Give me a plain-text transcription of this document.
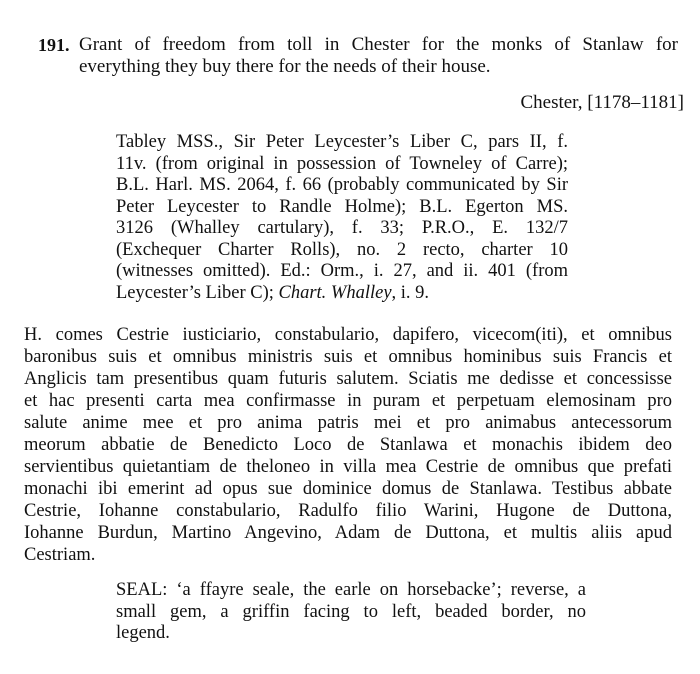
191. Grant of freedom from toll in Chester for the monks of Stanlaw for
everything they buy there for the needs of their house.
Chester, [1178–1181]
Tabley MSS., Sir Peter Leycester’s Liber C, pars II, f.
11v. (from original in possession of Towneley of Carre);
B.L. Harl. MS. 2064, f. 66 (probably communicated by Sir
Peter Leycester to Randle Holme); B.L. Egerton MS.
3126 (Whalley cartulary), f. 33; P.R.O., E. 132/7
(Exchequer Charter Rolls), no. 2 recto, charter 10
(witnesses omitted). Ed.: Orm., i. 27, and ii. 401 (from
Leycester’s Liber C); Chart. Whalley, i. 9.
H. comes Cestrie iusticiario, constabulario, dapifero, vicecom(iti), et omnibus
baronibus suis et omnibus ministris suis et omnibus hominibus suis Francis et
Anglicis tam presentibus quam futuris salutem. Sciatis me dedisse et concessisse
et hac presenti carta mea confirmasse in puram et perpetuam elemosinam pro
salute anime mee et pro anima patris mei et pro animabus antecessorum
meorum abbatie de Benedicto Loco de Stanlawa et monachis ibidem deo
servientibus quietantiam de theloneo in villa mea Cestrie de omnibus que prefati
monachi ibi emerint ad opus sue dominice domus de Stanlawa. Testibus abbate
Cestrie, Iohanne constabulario, Radulfo filio Warini, Hugone de Duttona,
Iohanne Burdun, Martino Angevino, Adam de Duttona, et multis aliis apud
Cestriam.
SEAL: ‘a ffayre seale, the earle on horsebacke’; reverse, a
small gem, a griffin facing to left, beaded border, no
legend.
